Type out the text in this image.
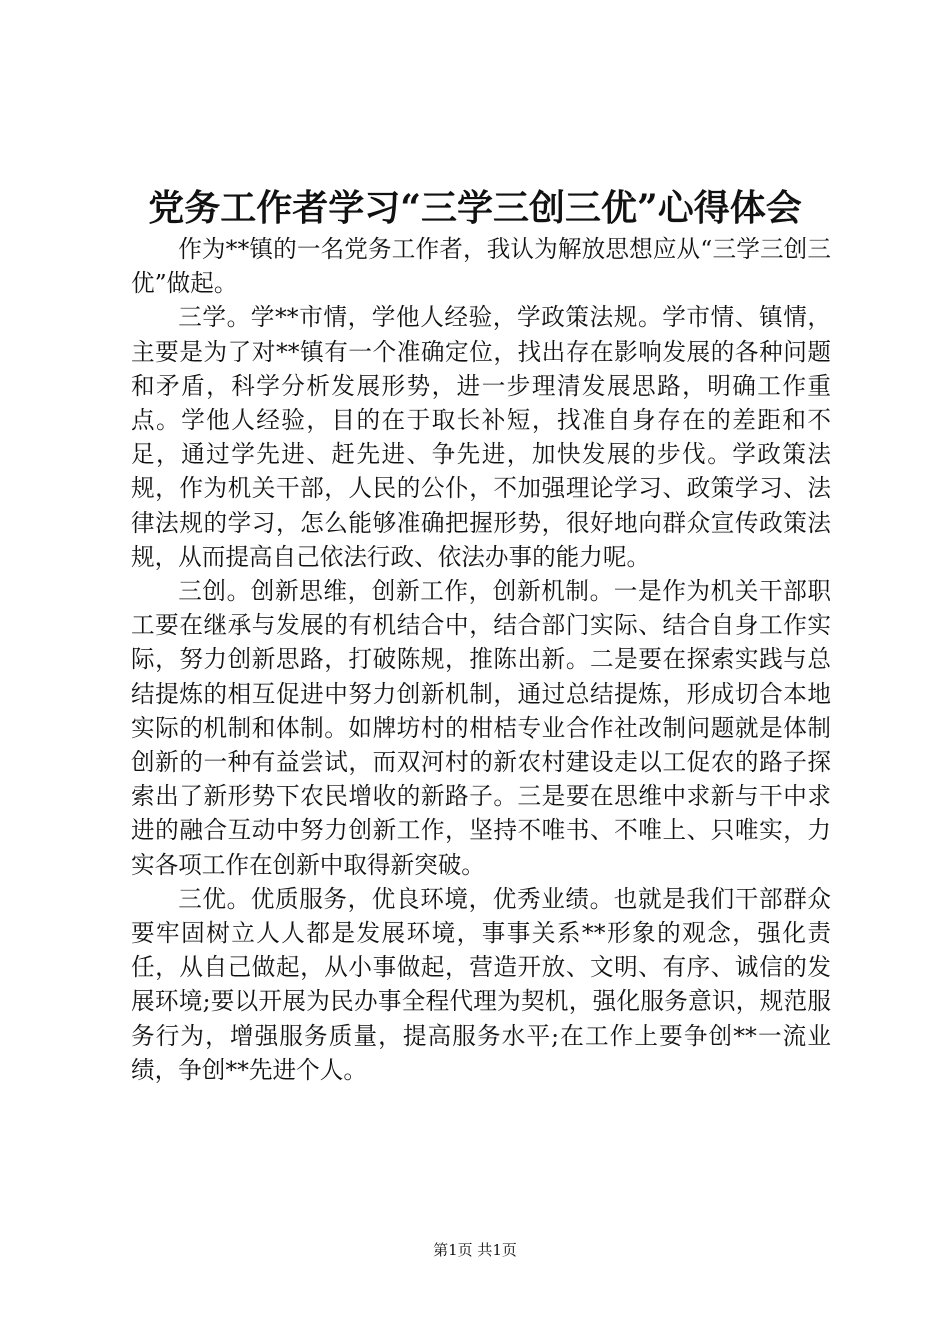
党务工作者学习“三学三创三优”心得体会

作为**镇的一名党务工作者，我认为解放思想应从“三学三创三优”做起。

三学。学**市情，学他人经验，学政策法规。学市情、镇情，主要是为了对**镇有一个准确定位，找出存在影响发展的各种问题和矛盾，科学分析发展形势，进一步理清发展思路，明确工作重点。学他人经验，目的在于取长补短，找准自身存在的差距和不足，通过学先进、赶先进、争先进，加快发展的步伐。学政策法规，作为机关干部，人民的公仆，不加强理论学习、政策学习、法律法规的学习，怎么能够准确把握形势，很好地向群众宣传政策法规，从而提高自己依法行政、依法办事的能力呢。

三创。创新思维，创新工作，创新机制。一是作为机关干部职工要在继承与发展的有机结合中，结合部门实际、结合自身工作实际，努力创新思路，打破陈规，推陈出新。二是要在探索实践与总结提炼的相互促进中努力创新机制，通过总结提炼，形成切合本地实际的机制和体制。如牌坊村的柑桔专业合作社改制问题就是体制创新的一种有益尝试，而双河村的新农村建设走以工促农的路子探索出了新形势下农民增收的新路子。三是要在思维中求新与干中求进的融合互动中努力创新工作，坚持不唯书、不唯上、只唯实，力实各项工作在创新中取得新突破。

三优。优质服务，优良环境，优秀业绩。也就是我们干部群众要牢固树立人人都是发展环境，事事关系**形象的观念，强化责任，从自己做起，从小事做起，营造开放、文明、有序、诚信的发展环境;要以开展为民办事全程代理为契机，强化服务意识，规范服务行为，增强服务质量，提高服务水平;在工作上要争创**一流业绩，争创**先进个人。

第1页 共1页
